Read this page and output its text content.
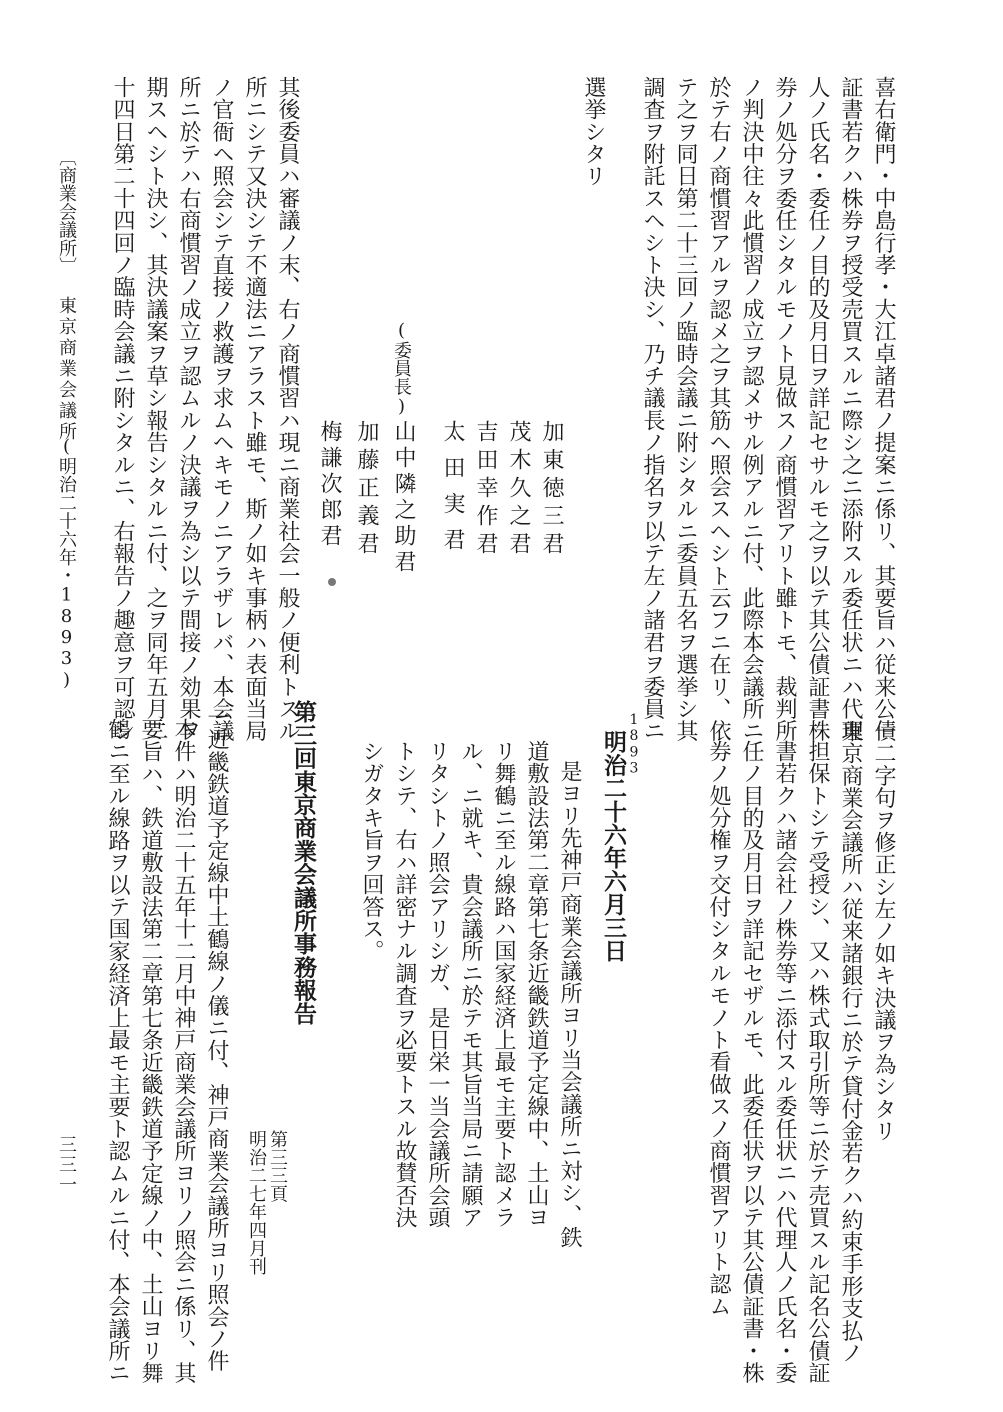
喜右衛門・中島行孝・大江卓諸君ノ提案ニ係リ、其要旨ハ従来公債
証書若クハ株券ヲ授受売買スルニ際シ之ニ添附スル委任状ニハ代理
人ノ氏名・委任ノ目的及月日ヲ詳記セサルモ之ヲ以テ其公債証書株
券ノ処分ヲ委任シタルモノト見做スノ商慣習アリト雖トモ、裁判所
ノ判決中往々此慣習ノ成立ヲ認メサル例アルニ付、此際本会議所ニ
於テ右ノ商慣習アルヲ認メ之ヲ其筋ヘ照会スヘシト云フニ在リ、依
テ之ヲ同日第二十三回ノ臨時会議ニ附シタルニ委員五名ヲ選挙シ其
調査ヲ附託スヘシト決シ、乃チ議長ノ指名ヲ以テ左ノ諸君ヲ委員ニ
選挙シタリ
加東徳三君
茂木久之君
吉田幸作君
太田実君
(委員長)
山中隣之助君
加藤正義君
梅謙次郎君
其後委員ハ審議ノ末、右ノ商慣習ハ現ニ商業社会一般ノ便利トスル
所ニシテ又決シテ不適法ニアラスト雖モ、斯ノ如キ事柄ハ表面当局
ノ官衙ヘ照会シテ直接ノ救護ヲ求ムヘキモノニアラザレバ、本会議
所ニ於テハ右商慣習ノ成立ヲ認ムルノ決議ヲ為シ以テ間接ノ効果ヲ
期スヘシト決シ、其決議案ヲ草シ報告シタルニ付、之ヲ同年五月二
十四日第二十四回ノ臨時会議ニ附シタルニ、右報告ノ趣意ヲ可認シ
〔商業会議所〕
東京商業会議所
(明治二十六年・1893)
一二字句ヲ修正シ左ノ如キ決議ヲ為シタリ
東京商業会議所ハ従来諸銀行ニ於テ貸付金若クハ約束手形支払ノ
担保トシテ受授シ、又ハ株式取引所等ニ於テ売買スル記名公債証
書若クハ諸会社ノ株券等ニ添付スル委任状ニハ代理人ノ氏名・委
任ノ目的及月日ヲ詳記セザルモ、此委任状ヲ以テ其公債証書・株
券ノ処分権ヲ交付シタルモノト看做スノ商慣習アリト認ム
1893
明治二十六年六月三日
是ヨリ先神戸商業会議所ヨリ当会議所ニ対シ、鉄
道敷設法第二章第七条近畿鉄道予定線中、土山ヨ
リ舞鶴ニ至ル線路ハ国家経済上最モ主要ト認メラ
ル、ニ就キ、貴会議所ニ於テモ其旨当局ニ請願ア
リタシトノ照会アリシガ、是日栄一当会議所会頭
トシテ、右ハ詳密ナル調査ヲ必要トスル故賛否決
シガタキ旨ヲ回答ス。
第三回東京商業会議所事務報告
第三三頁
明治二七年四月刊
一近畿鉄道予定線中土鶴線ノ儀ニ付、神戸商業会議所ヨリ照会ノ件
本件ハ明治二十五年十二月中神戸商業会議所ヨリノ照会ニ係リ、其
要旨ハ、鉄道敷設法第二章第七条近畿鉄道予定線ノ中、土山ヨリ舞
鶴ニ至ル線路ヲ以テ国家経済上最モ主要ト認ムルニ付、本会議所ニ
三三一
